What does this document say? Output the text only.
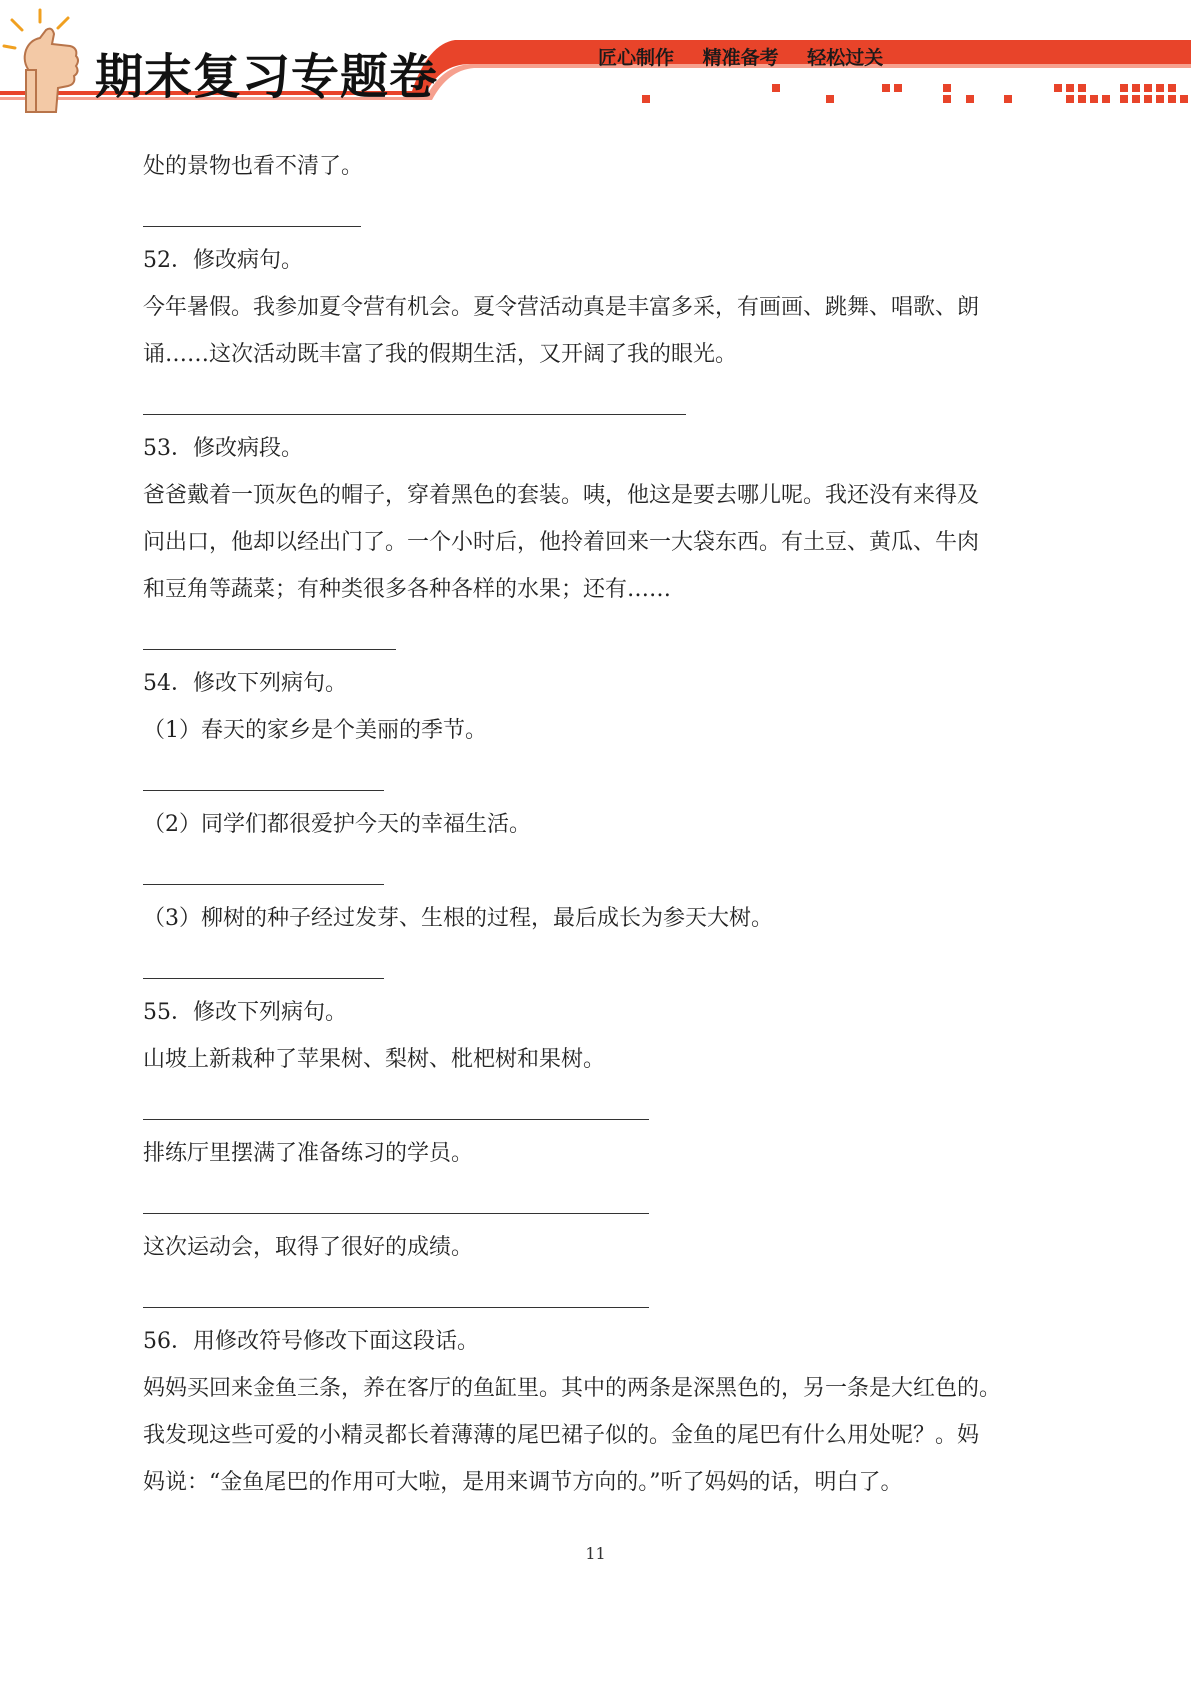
期末复习专题卷	匠心制作 精准备考 轻松过关
处的景物也看不清了。
52．修改病句。
今年暑假。我参加夏令营有机会。夏令营活动真是丰富多采，有画画、跳舞、唱歌、朗
诵……这次活动既丰富了我的假期生活，又开阔了我的眼光。
53．修改病段。
爸爸戴着一顶灰色的帽子，穿着黑色的套装。咦，他这是要去哪儿呢。我还没有来得及
问出口，他却以经出门了。一个小时后，他拎着回来一大袋东西。有土豆、黄瓜、牛肉
和豆角等蔬菜；有种类很多各种各样的水果；还有……
54．修改下列病句。
（1）春天的家乡是个美丽的季节。
（2）同学们都很爱护今天的幸福生活。
（3）柳树的种子经过发芽、生根的过程，最后成长为参天大树。
55．修改下列病句。
山坡上新栽种了苹果树、梨树、枇杷树和果树。
排练厅里摆满了准备练习的学员。
这次运动会，取得了很好的成绩。
56．用修改符号修改下面这段话。
妈妈买回来金鱼三条，养在客厅的鱼缸里。其中的两条是深黑色的，另一条是大红色的。
我发现这些可爱的小精灵都长着薄薄的尾巴裙子似的。金鱼的尾巴有什么用处呢？。妈
妈说：“金鱼尾巴的作用可大啦，是用来调节方向的。”听了妈妈的话，明白了。
11
